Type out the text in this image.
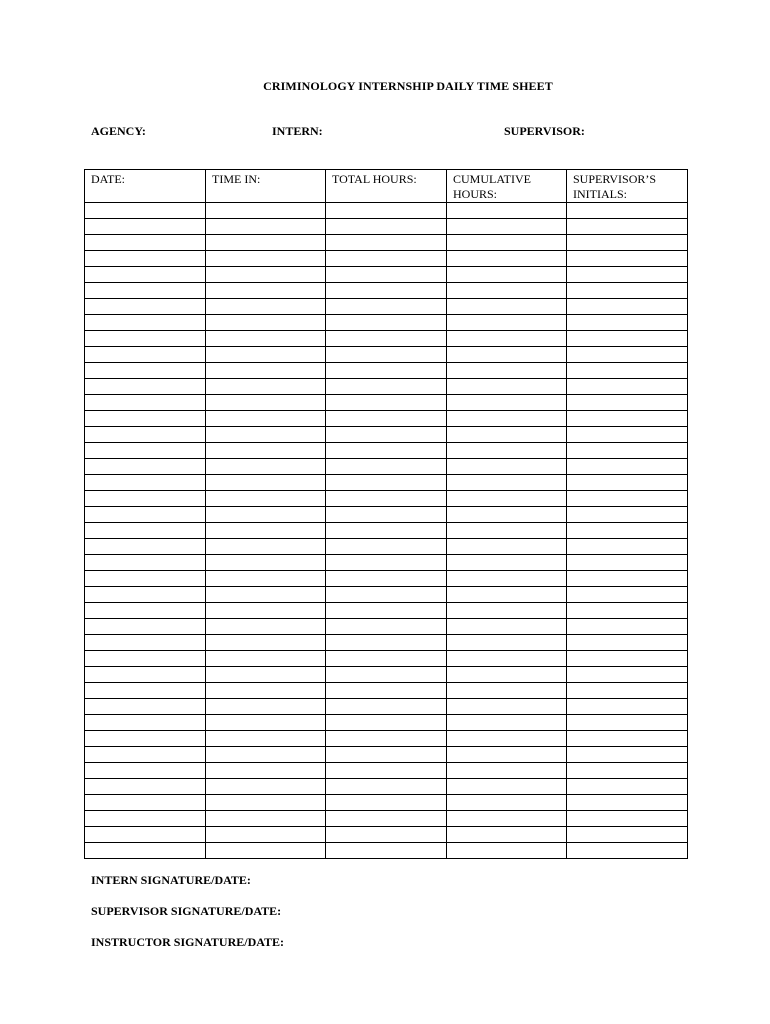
CRIMINOLOGY INTERNSHIP DAILY TIME SHEET
AGENCY:	INTERN:	SUPERVISOR:
DATE:	TIME IN:	TOTAL HOURS:	CUMULATIVE HOURS:	SUPERVISOR’S INITIALS:

INTERN SIGNATURE/DATE:
SUPERVISOR SIGNATURE/DATE:
INSTRUCTOR SIGNATURE/DATE:
